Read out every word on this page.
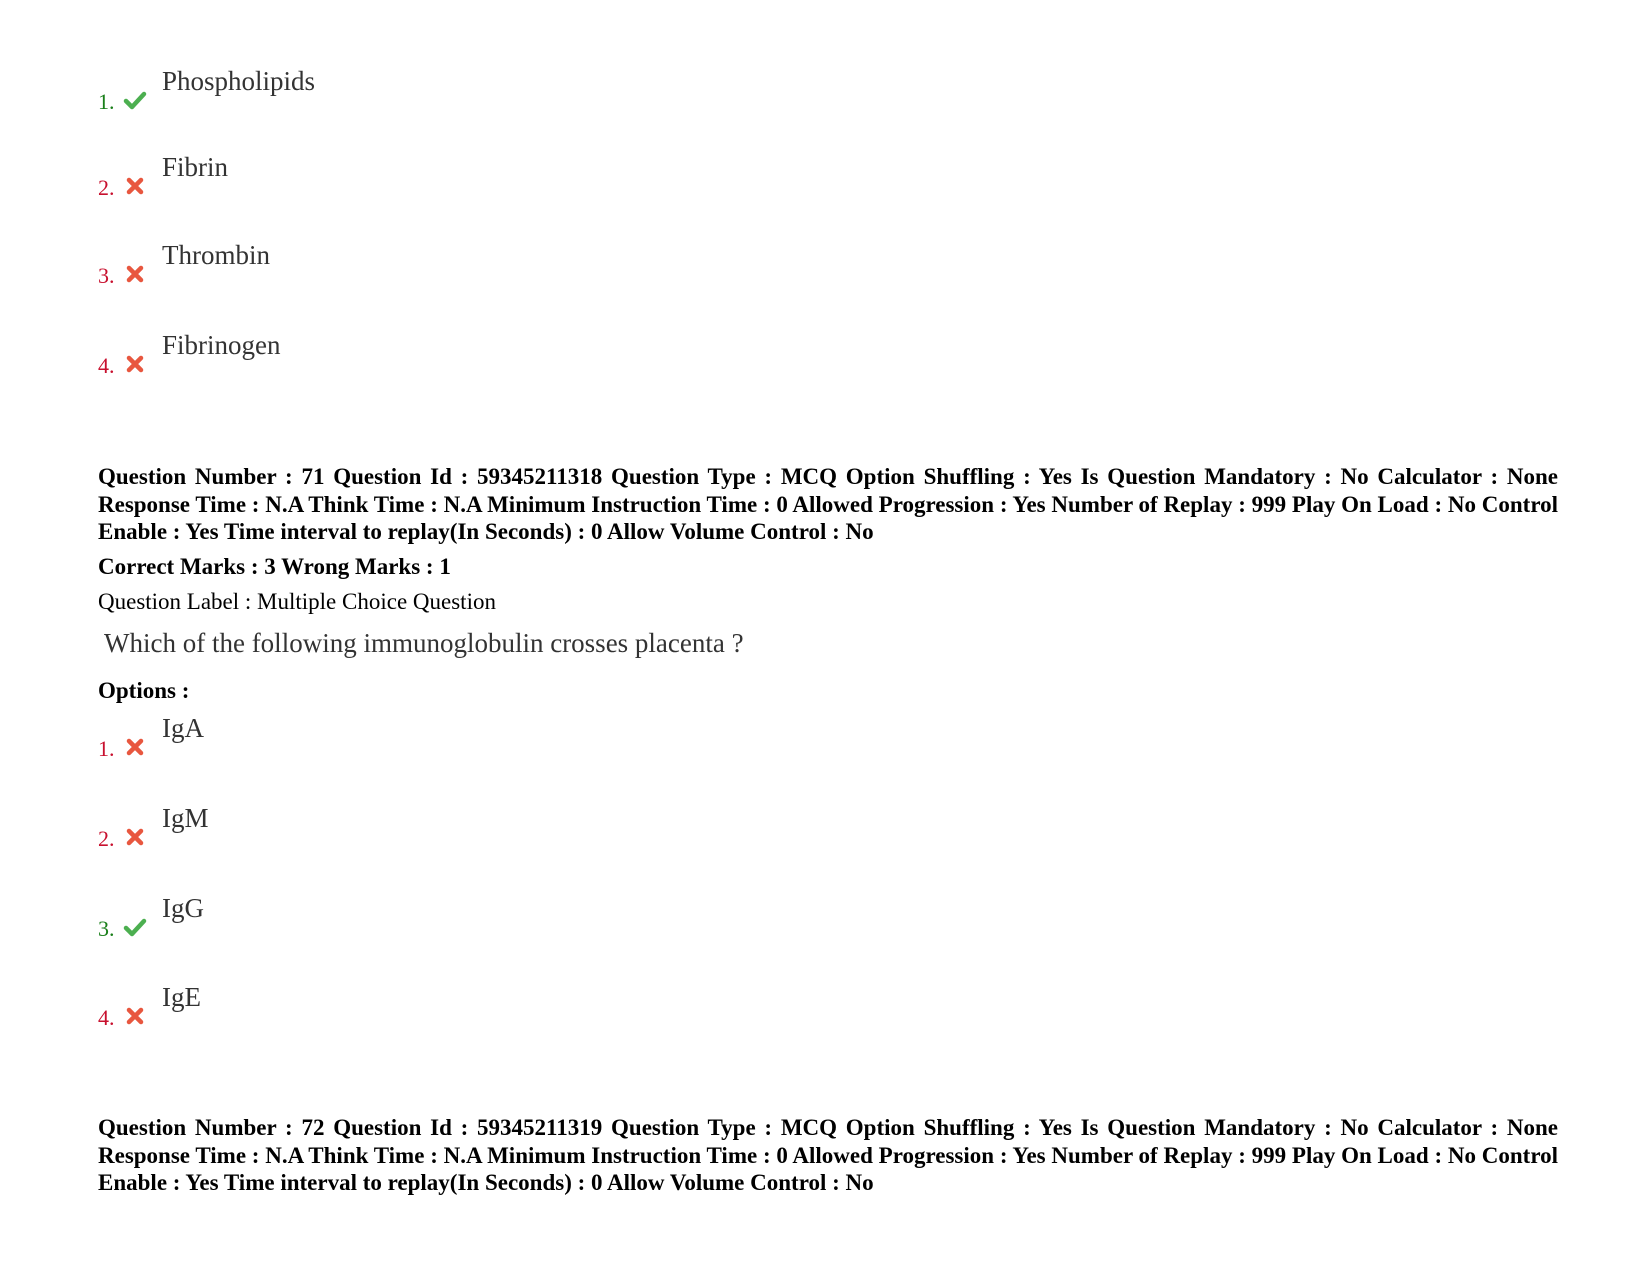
1.
Phospholipids
2.
Fibrin
3.
Thrombin
4.
Fibrinogen
Question Number : 71 Question Id : 59345211318 Question Type : MCQ Option Shuffling : Yes Is Question Mandatory : No Calculator : None Response Time : N.A Think Time : N.A Minimum Instruction Time : 0 Allowed Progression : Yes Number of Replay : 999 Play On Load : No Control Enable : Yes Time interval to replay(In Seconds) : 0 Allow Volume Control : No
Correct Marks : 3 Wrong Marks : 1
Question Label : Multiple Choice Question
Which of the following immunoglobulin crosses placenta ?
Options :
1.
IgA
2.
IgM
3.
IgG
4.
IgE
Question Number : 72 Question Id : 59345211319 Question Type : MCQ Option Shuffling : Yes Is Question Mandatory : No Calculator : None Response Time : N.A Think Time : N.A Minimum Instruction Time : 0 Allowed Progression : Yes Number of Replay : 999 Play On Load : No Control Enable : Yes Time interval to replay(In Seconds) : 0 Allow Volume Control : No
